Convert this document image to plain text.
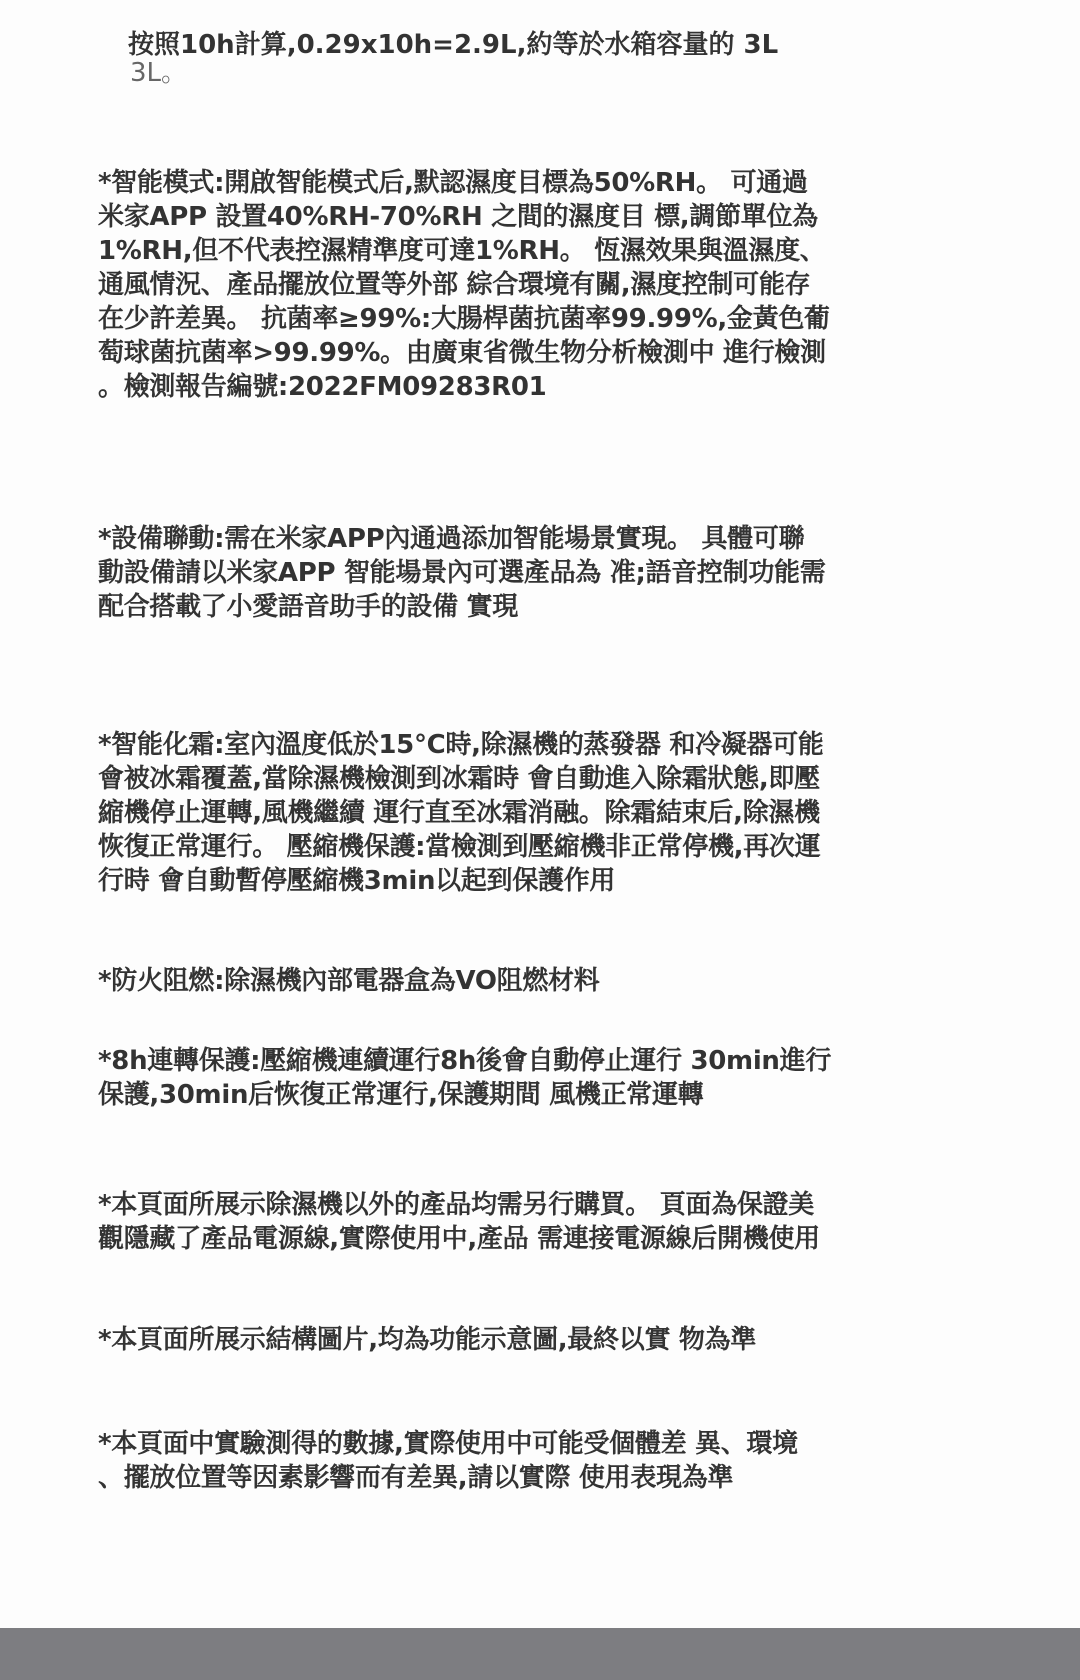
按照10h計算,0.29x10h=2.9L,約等於水箱容量的 3L
3L。
*智能模式:開啟智能模式后,默認濕度目標為50%RH。 可通過
米家APP 設置40%RH-70%RH 之間的濕度目 標,調節單位為
1%RH,但不代表控濕精準度可達1%RH。 恆濕效果與溫濕度、
通風情況、產品擺放位置等外部 綜合環境有關,濕度控制可能存
在少許差異。 抗菌率≥99%:大腸桿菌抗菌率99.99%,金黃色葡
萄球菌抗菌率>99.99%。由廣東省微生物分析檢測中 進行檢測
。檢測報告編號:2022FM09283R01
*設備聯動:需在米家APP內通過添加智能場景實現。 具體可聯
動設備請以米家APP 智能場景內可選產品為 准;語音控制功能需
配合搭載了小愛語音助手的設備 實現
*智能化霜:室內溫度低於15°C時,除濕機的蒸發器 和冷凝器可能
會被冰霜覆蓋,當除濕機檢測到冰霜時 會自動進入除霜狀態,即壓
縮機停止運轉,風機繼續 運行直至冰霜消融。除霜結束后,除濕機
恢復正常運行。 壓縮機保護:當檢測到壓縮機非正常停機,再次運
行時 會自動暫停壓縮機3min以起到保護作用
*防火阻燃:除濕機內部電器盒為VO阻燃材料
*8h連轉保護:壓縮機連續運行8h後會自動停止運行 30min進行
保護,30min后恢復正常運行,保護期間 風機正常運轉
*本頁面所展示除濕機以外的產品均需另行購買。 頁面為保證美
觀隱藏了產品電源線,實際使用中,產品 需連接電源線后開機使用
*本頁面所展示結構圖片,均為功能示意圖,最終以實 物為準
*本頁面中實驗測得的數據,實際使用中可能受個體差 異、環境
、擺放位置等因素影響而有差異,請以實際 使用表現為準
